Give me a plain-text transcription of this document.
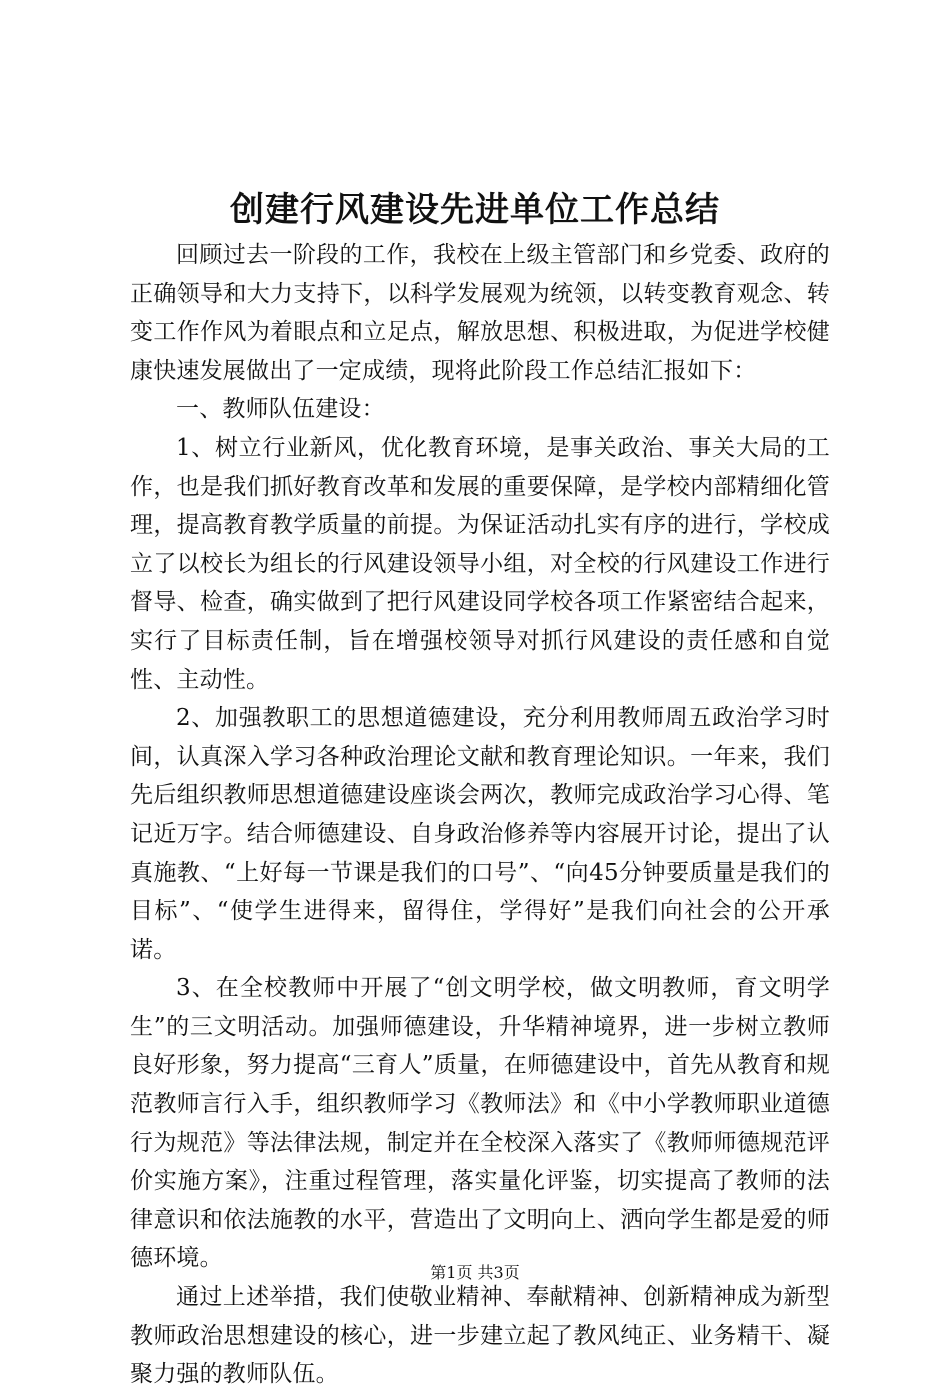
创建行风建设先进单位工作总结

回顾过去一阶段的工作，我校在上级主管部门和乡党委、政府的正确领导和大力支持下，以科学发展观为统领，以转变教育观念、转变工作作风为着眼点和立足点，解放思想、积极进取，为促进学校健康快速发展做出了一定成绩，现将此阶段工作总结汇报如下：

一、教师队伍建设：

1、树立行业新风，优化教育环境，是事关政治、事关大局的工作，也是我们抓好教育改革和发展的重要保障，是学校内部精细化管理，提高教育教学质量的前提。为保证活动扎实有序的进行，学校成立了以校长为组长的行风建设领导小组，对全校的行风建设工作进行督导、检查，确实做到了把行风建设同学校各项工作紧密结合起来，实行了目标责任制，旨在增强校领导对抓行风建设的责任感和自觉性、主动性。

2、加强教职工的思想道德建设，充分利用教师周五政治学习时间，认真深入学习各种政治理论文献和教育理论知识。一年来，我们先后组织教师思想道德建设座谈会两次，教师完成政治学习心得、笔记近万字。结合师德建设、自身政治修养等内容展开讨论，提出了认真施教、“上好每一节课是我们的口号”、“向45分钟要质量是我们的目标”、“使学生进得来，留得住，学得好”是我们向社会的公开承诺。

3、在全校教师中开展了“创文明学校，做文明教师，育文明学生”的三文明活动。加强师德建设，升华精神境界，进一步树立教师良好形象，努力提高“三育人”质量，在师德建设中，首先从教育和规范教师言行入手，组织教师学习《教师法》和《中小学教师职业道德行为规范》等法律法规，制定并在全校深入落实了《教师师德规范评价实施方案》，注重过程管理，落实量化评鉴，切实提高了教师的法律意识和依法施教的水平，营造出了文明向上、洒向学生都是爱的师德环境。

通过上述举措，我们使敬业精神、奉献精神、创新精神成为新型教师政治思想建设的核心，进一步建立起了教风纯正、业务精干、凝聚力强的教师队伍。

第1页 共3页
